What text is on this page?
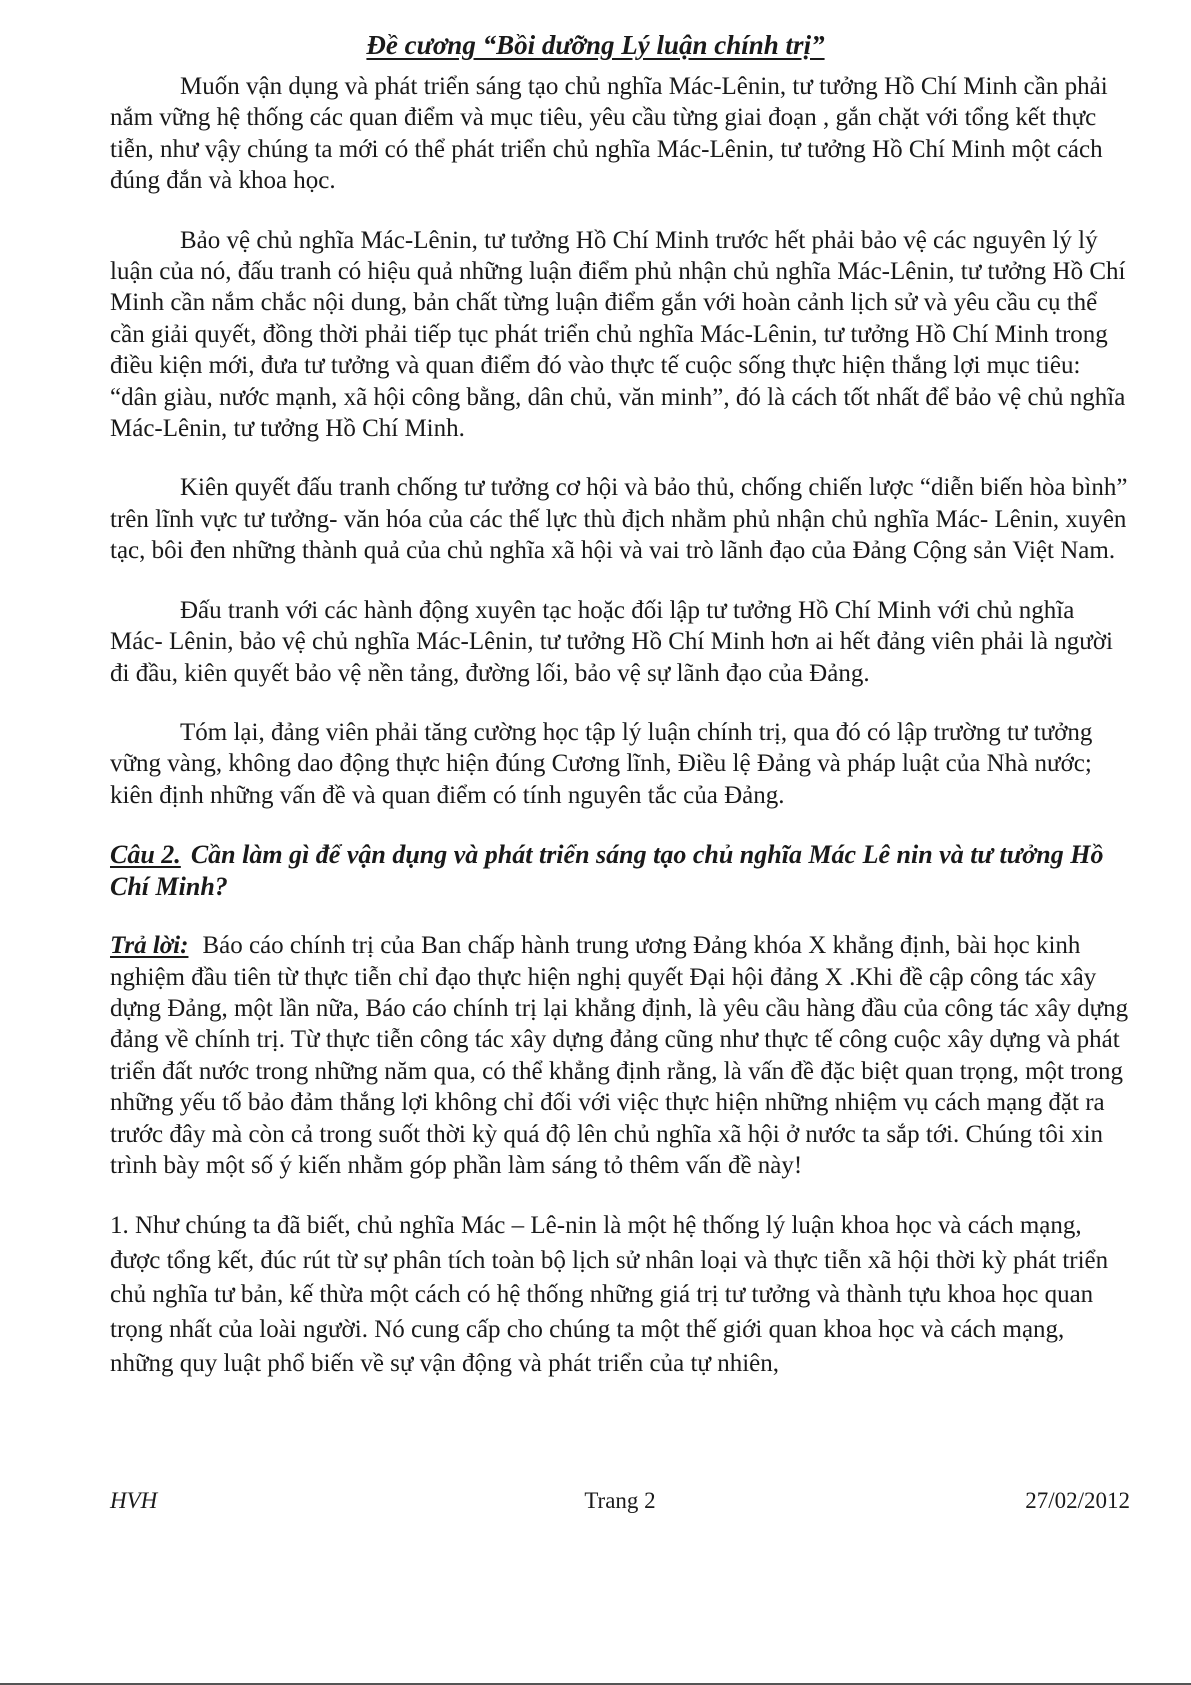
Đề cương “Bồi dưỡng Lý luận chính trị”

Muốn vận dụng và phát triển sáng tạo chủ nghĩa Mác-Lênin, tư tưởng Hồ Chí Minh cần phải nắm vững hệ thống các quan điểm và mục tiêu, yêu cầu từng giai đoạn , gắn chặt với tổng kết thực tiễn, như vậy chúng ta mới có thể phát triển chủ nghĩa Mác-Lênin, tư tưởng Hồ Chí Minh một cách đúng đắn và khoa học.

Bảo vệ chủ nghĩa Mác-Lênin, tư tưởng Hồ Chí Minh trước hết phải bảo vệ các nguyên lý lý luận của nó, đấu tranh có hiệu quả những luận điểm phủ nhận chủ nghĩa Mác-Lênin, tư tưởng Hồ Chí Minh cần nắm chắc nội dung, bản chất từng luận điểm gắn với hoàn cảnh lịch sử và yêu cầu cụ thể cần giải quyết, đồng thời phải tiếp tục phát triển chủ nghĩa Mác-Lênin, tư tưởng Hồ Chí Minh trong điều kiện mới, đưa tư tưởng và quan điểm đó vào thực tế cuộc sống thực hiện thắng lợi mục tiêu: “dân giàu, nước mạnh, xã hội công bằng, dân chủ, văn minh”, đó là cách tốt nhất để bảo vệ chủ nghĩa Mác-Lênin, tư tưởng Hồ Chí Minh.

Kiên quyết đấu tranh chống tư tưởng cơ hội và bảo thủ, chống chiến lược “diễn biến hòa bình” trên lĩnh vực tư tưởng- văn hóa của các thế lực thù địch nhằm phủ nhận chủ nghĩa Mác- Lênin, xuyên tạc, bôi đen những thành quả của chủ nghĩa xã hội và vai trò lãnh đạo của Đảng Cộng sản Việt Nam.

Đấu tranh với các hành động xuyên tạc hoặc đối lập tư tưởng Hồ Chí Minh với chủ nghĩa Mác- Lênin, bảo vệ chủ nghĩa Mác-Lênin, tư tưởng Hồ Chí Minh hơn ai hết đảng viên phải là người đi đầu, kiên quyết bảo vệ nền tảng, đường lối, bảo vệ sự lãnh đạo của Đảng.

Tóm lại, đảng viên phải tăng cường học tập lý luận chính trị, qua đó có lập trường tư tưởng vững vàng, không dao động thực hiện đúng Cương lĩnh, Điều lệ Đảng và pháp luật của Nhà nước; kiên định những vấn đề và quan điểm có tính nguyên tắc của Đảng.

Câu 2. Cần làm gì để vận dụng và phát triển sáng tạo chủ nghĩa Mác Lê nin và tư tưởng Hồ Chí Minh?

Trả lời: Báo cáo chính trị của Ban chấp hành trung ương Đảng khóa X khẳng định, bài học kinh nghiệm đầu tiên từ thực tiễn chỉ đạo thực hiện nghị quyết Đại hội đảng X .Khi đề cập công tác xây dựng Đảng, một lần nữa, Báo cáo chính trị lại khẳng định, là yêu cầu hàng đầu của công tác xây dựng đảng về chính trị. Từ thực tiễn công tác xây dựng đảng cũng như thực tế công cuộc xây dựng và phát triển đất nước trong những năm qua, có thể khẳng định rằng, là vấn đề đặc biệt quan trọng, một trong những yếu tố bảo đảm thắng lợi không chỉ đối với việc thực hiện những nhiệm vụ cách mạng đặt ra trước đây mà còn cả trong suốt thời kỳ quá độ lên chủ nghĩa xã hội ở nước ta sắp tới. Chúng tôi xin trình bày một số ý kiến nhằm góp phần làm sáng tỏ thêm vấn đề này!

1. Như chúng ta đã biết, chủ nghĩa Mác – Lê-nin là một hệ thống lý luận khoa học và cách mạng, được tổng kết, đúc rút từ sự phân tích toàn bộ lịch sử nhân loại và thực tiễn xã hội thời kỳ phát triển chủ nghĩa tư bản, kế thừa một cách có hệ thống những giá trị tư tưởng và thành tựu khoa học quan trọng nhất của loài người. Nó cung cấp cho chúng ta một thế giới quan khoa học và cách mạng, những quy luật phổ biến về sự vận động và phát triển của tự nhiên,

HVH	Trang 2	27/02/2012
